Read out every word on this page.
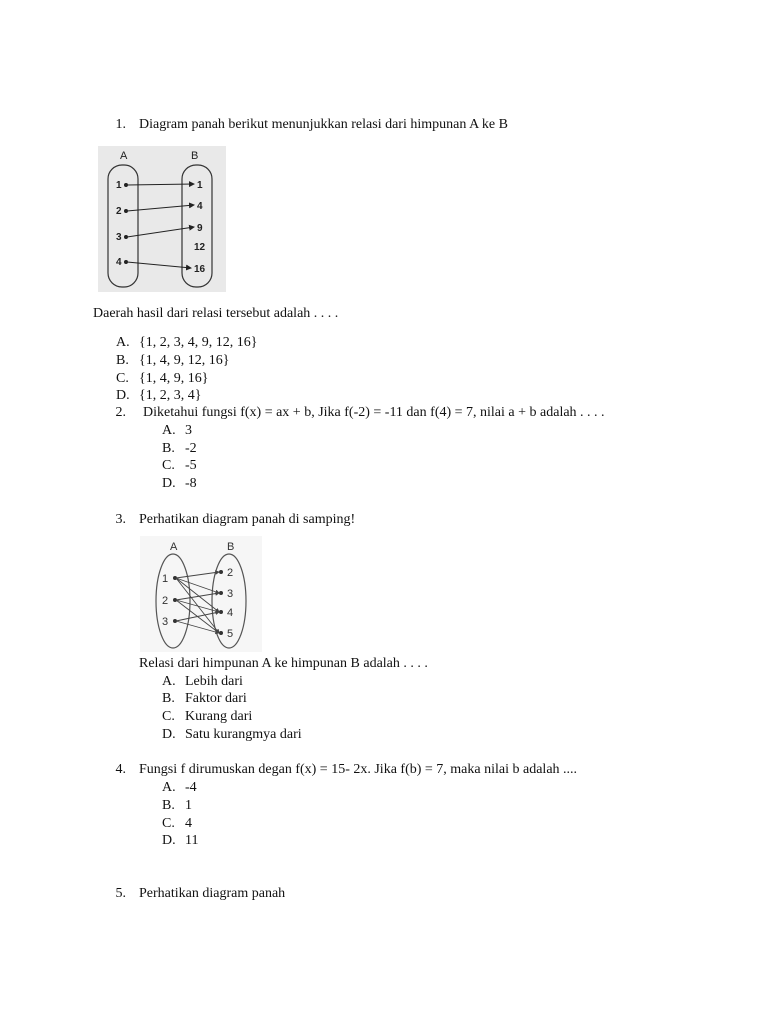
1. Diagram panah berikut menunjukkan relasi dari himpunan A ke B
A	B
1
2
3
4
1
4
9
12
16
Daerah hasil dari relasi tersebut adalah . . . .
A. {1, 2, 3, 4, 9, 12, 16}
B. {1, 4, 9, 12, 16}
C. {1, 4, 9, 16}
D. {1, 2, 3, 4}
2. Diketahui fungsi f(x) = ax + b, Jika f(-2) = -11 dan f(4) = 7, nilai a + b adalah . . . .
A. 3
B. -2
C. -5
D. -8
3. Perhatikan diagram panah di samping!
A	B
1
2
3
2
3
4
5
Relasi dari himpunan A ke himpunan B adalah . . . .
A. Lebih dari
B. Faktor dari
C. Kurang dari
D. Satu kurangmya dari
4. Fungsi f dirumuskan degan f(x) = 15- 2x. Jika f(b) = 7, maka nilai b adalah ....
A. -4
B. 1
C. 4
D. 11
5. Perhatikan diagram panah
